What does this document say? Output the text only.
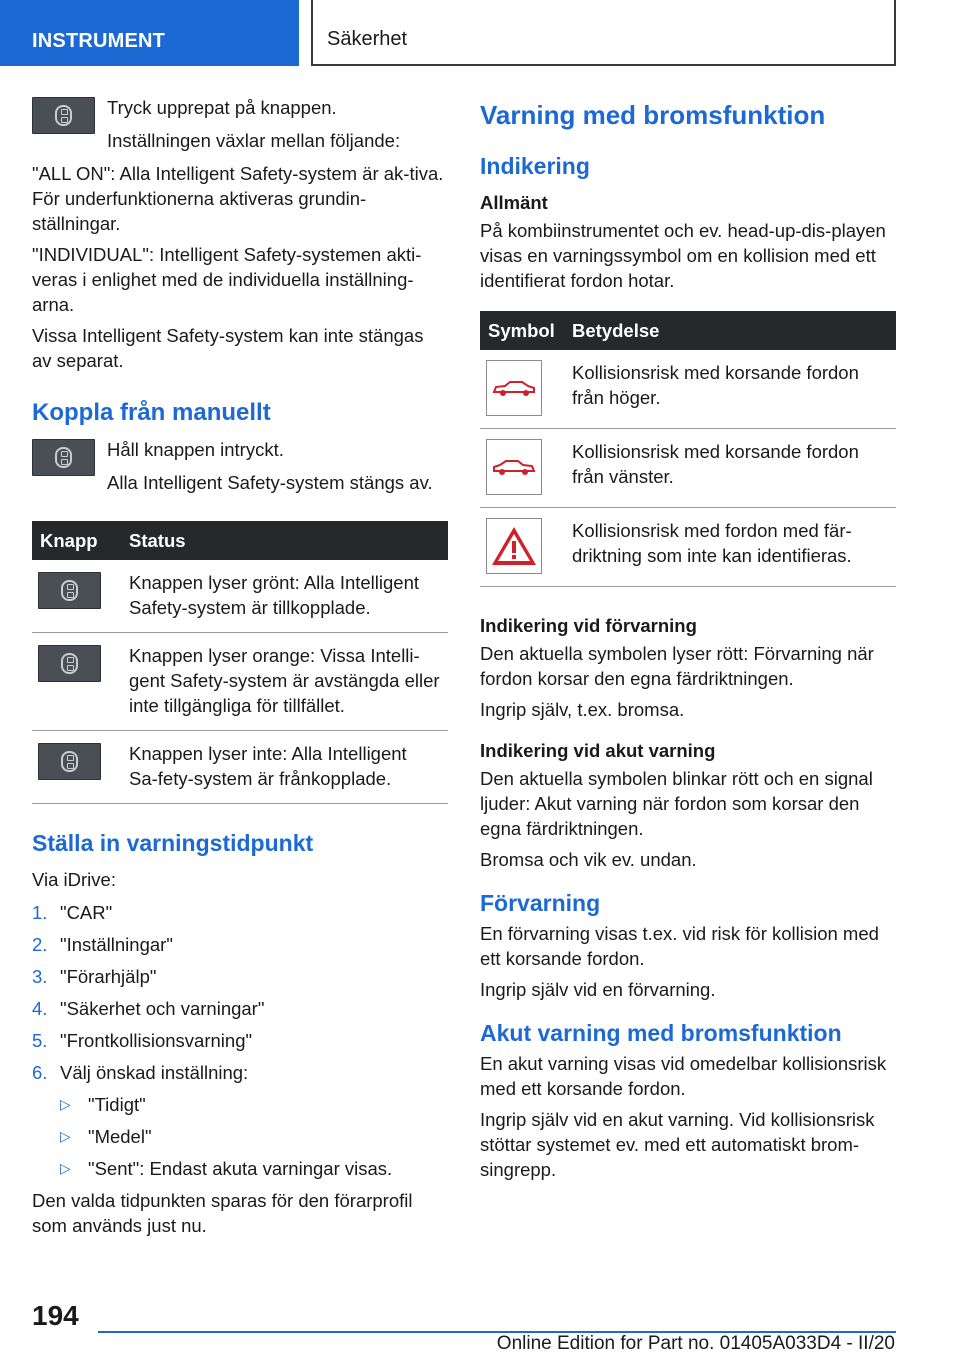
INSTRUMENT	Säkerhet

Tryck upprepat på knappen.

Inställningen växlar mellan följande:

"ALL ON": Alla Intelligent Safety-system är ak-tiva. För underfunktionerna aktiveras grundin-ställningar.

"INDIVIDUAL": Intelligent Safety-systemen akti-veras i enlighet med de individuella inställning-arna.

Vissa Intelligent Safety-system kan inte stängas av separat.

Koppla från manuellt

Håll knappen intryckt.

Alla Intelligent Safety-system stängs av.

Knapp	Status

	Knappen lyser grönt: Alla Intelligent Safety-system är tillkopplade.

	Knappen lyser orange: Vissa Intelli-gent Safety-system är avstängda eller inte tillgängliga för tillfället.

	Knappen lyser inte: Alla Intelligent Sa-fety-system är frånkopplade.
Ställa in varningstidpunkt

Via iDrive:

1. "CAR"
2. "Inställningar"
3. "Förarhjälp"
4. "Säkerhet och varningar"
5. "Frontkollisionsvarning"
6. Välj önskad inställning:
▷ "Tidigt"
▷ "Medel"
▷ "Sent": Endast akuta varningar visas.

Den valda tidpunkten sparas för den förarprofil som används just nu.

Varning med bromsfunktion
Indikering
Allmänt

På kombiinstrumentet och ev. head-up-dis-playen visas en varningssymbol om en kollision med ett identifierat fordon hotar.

Symbol	Betydelse

	Kollisionsrisk med korsande fordon från höger.

	Kollisionsrisk med korsande fordon från vänster.

	Kollisionsrisk med fordon med fär-driktning som inte kan identifieras.
Indikering vid förvarning

Den aktuella symbolen lyser rött: Förvarning när fordon korsar den egna färdriktningen.

Ingrip själv, t.ex. bromsa.

Indikering vid akut varning

Den aktuella symbolen blinkar rött och en signal ljuder: Akut varning när fordon som korsar den egna färdriktningen.

Bromsa och vik ev. undan.

Förvarning

En förvarning visas t.ex. vid risk för kollision med ett korsande fordon.

Ingrip själv vid en förvarning.

Akut varning med bromsfunktion

En akut varning visas vid omedelbar kollisionsrisk med ett korsande fordon.

Ingrip själv vid en akut varning. Vid kollisionsrisk stöttar systemet ev. med ett automatiskt brom-singrepp.

194
Online Edition for Part no. 01405A033D4 - II/20
